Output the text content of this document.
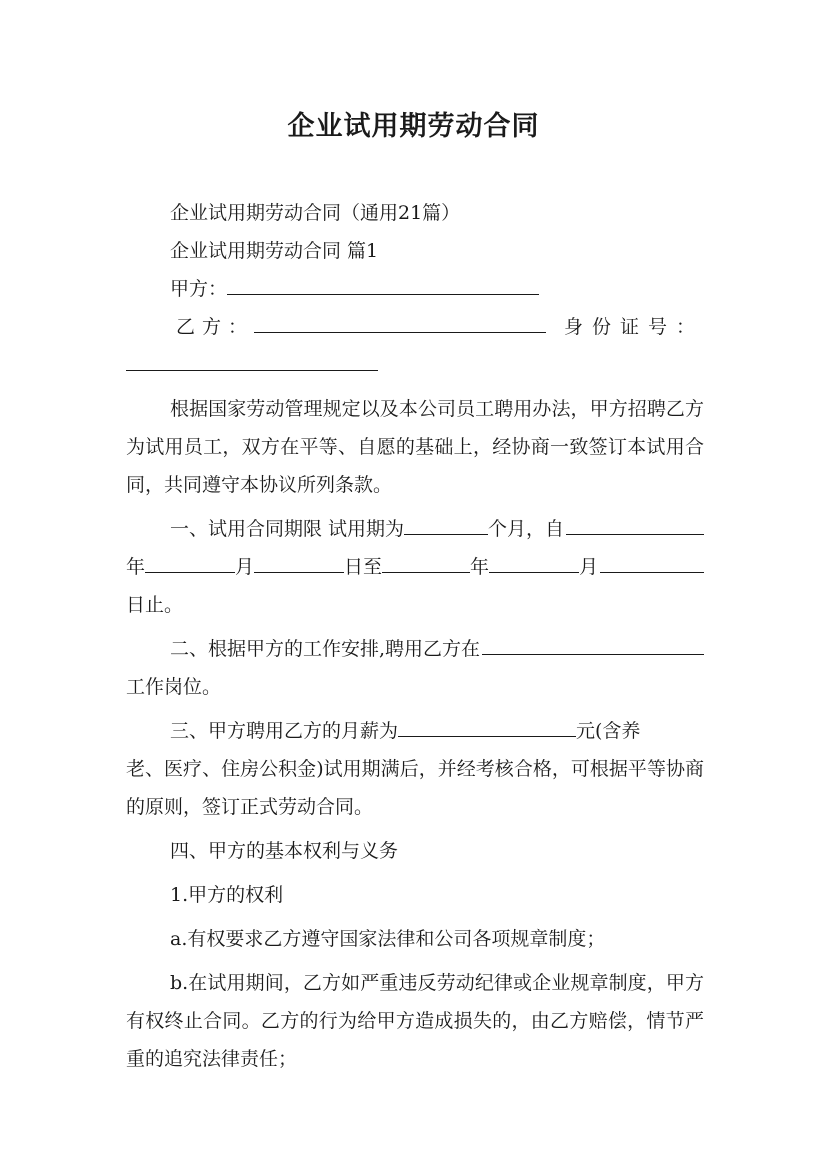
企业试用期劳动合同
企业试用期劳动合同（通用21篇）
企业试用期劳动合同 篇1
甲方：
乙方：	身份证号：

根据国家劳动管理规定以及本公司员工聘用办法，甲方招聘乙方为试用员工，双方在平等、自愿的基础上，经协商一致签订本试用合同，共同遵守本协议所列条款。

一、试用合同期限 试用期为	个月，自
年	月	日至	年	月
日止。
二、根据甲方的工作安排,聘用乙方在
工作岗位。
三、甲方聘用乙方的月薪为	元(含养

老、医疗、住房公积金)试用期满后，并经考核合格，可根据平等协商的原则，签订正式劳动合同。

四、甲方的基本权利与义务
1.甲方的权利
a.有权要求乙方遵守国家法律和公司各项规章制度；

b.在试用期间，乙方如严重违反劳动纪律或企业规章制度，甲方有权终止合同。乙方的行为给甲方造成损失的，由乙方赔偿，情节严重的追究法律责任；
